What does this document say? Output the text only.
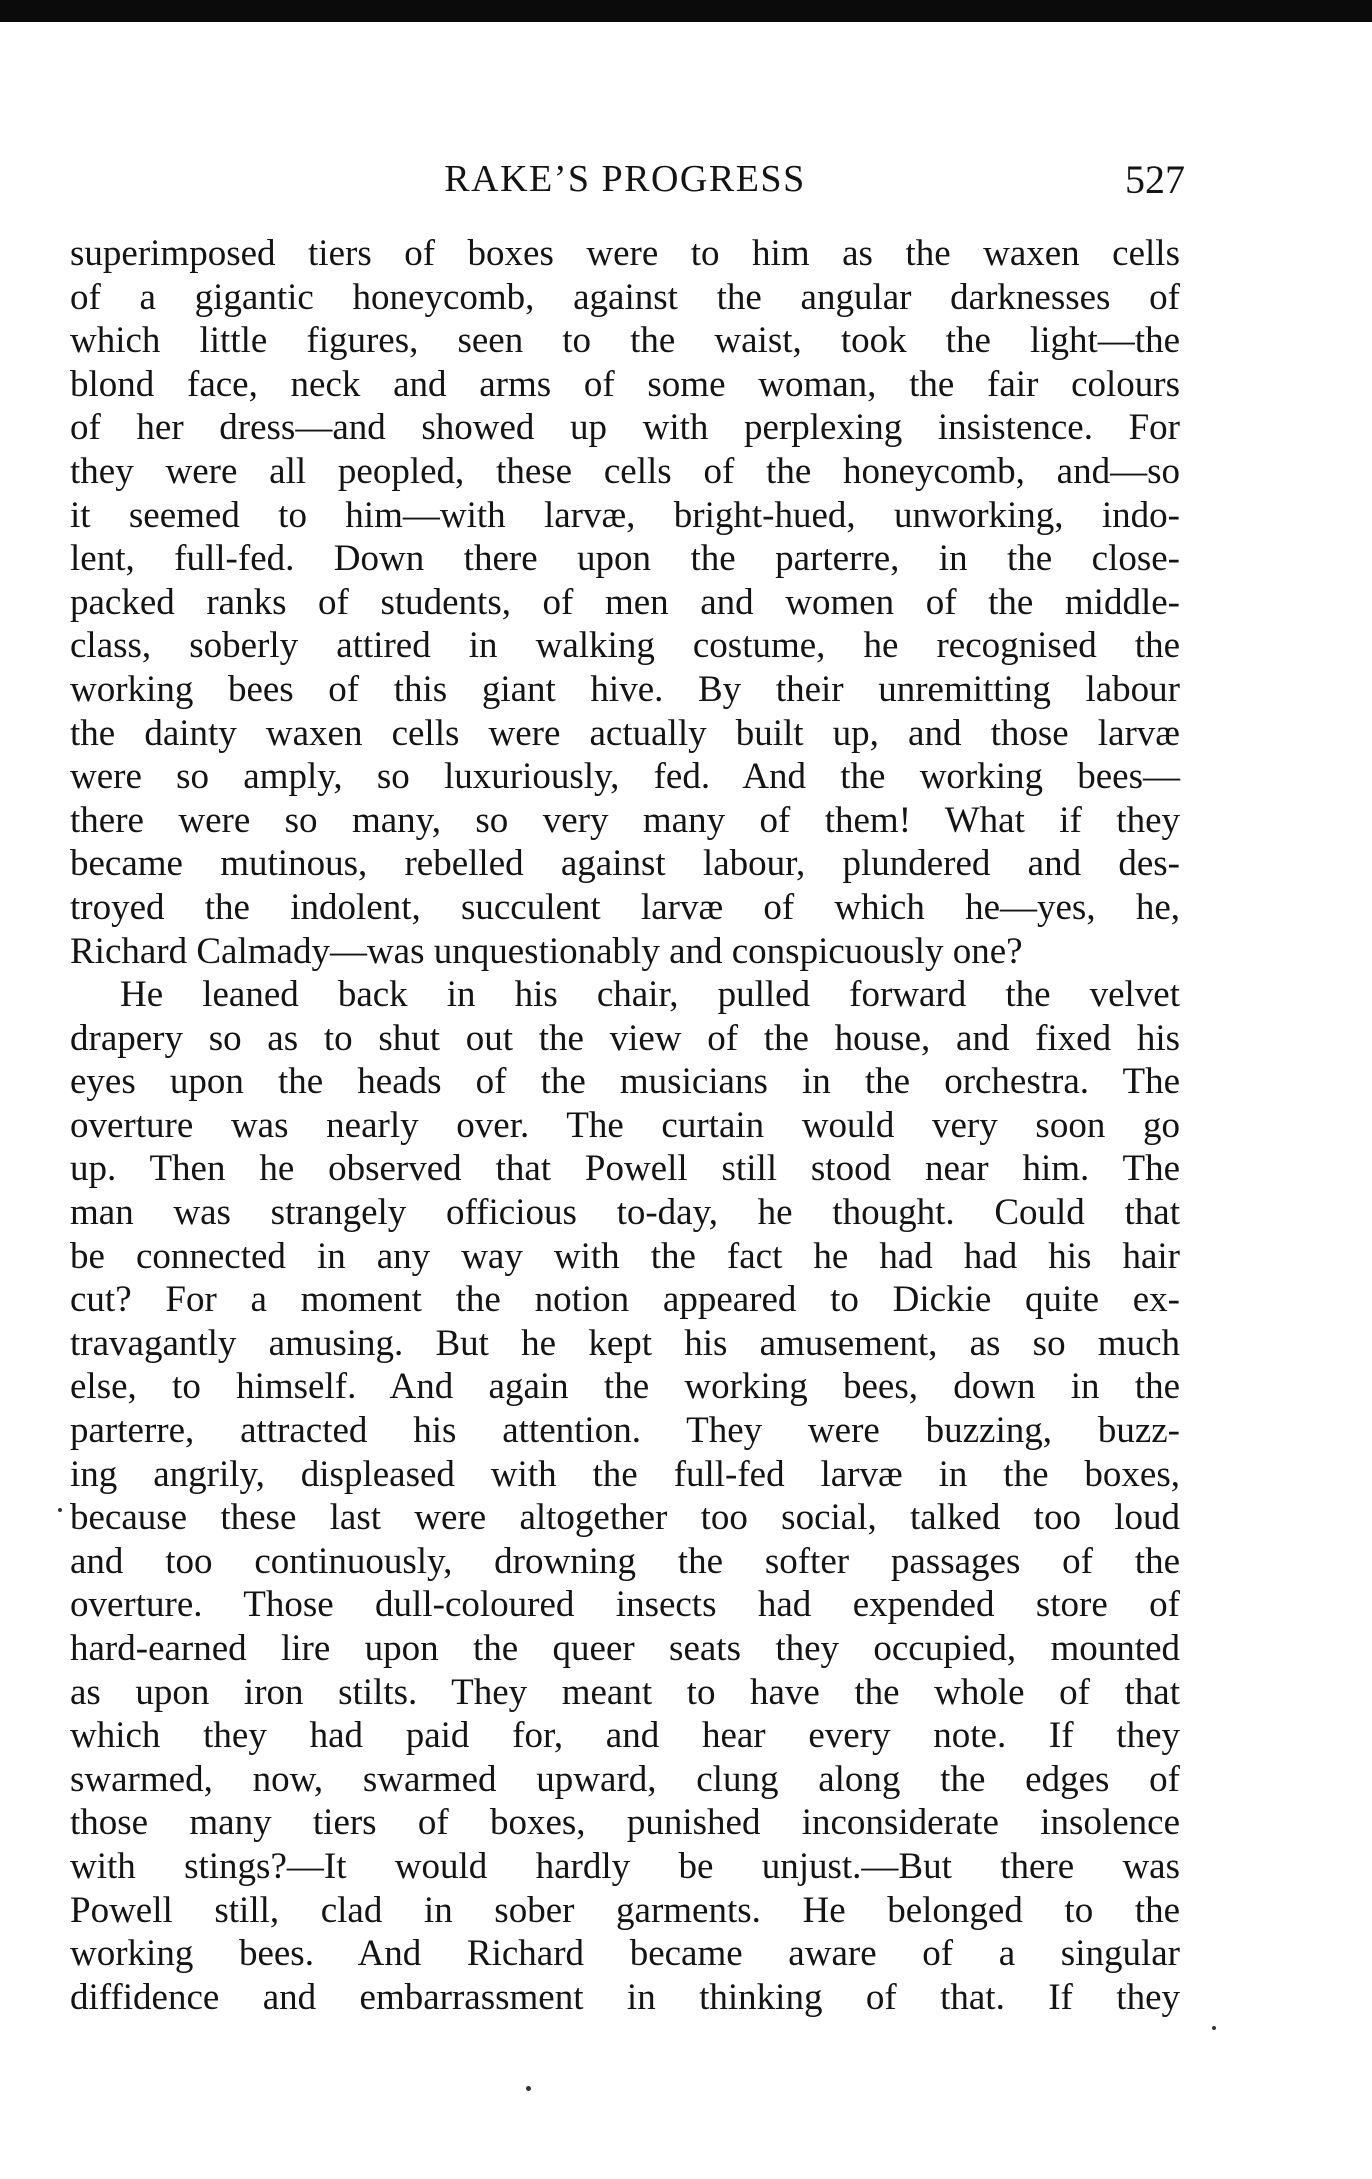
RAKE’S PROGRESS	527
superimposed tiers of boxes were to him as the waxen cells
of a gigantic honeycomb, against the angular darknesses of
which little figures, seen to the waist, took the light—the
blond face, neck and arms of some woman, the fair colours
of her dress—and showed up with perplexing insistence. For
they were all peopled, these cells of the honeycomb, and—so
it seemed to him—with larvæ, bright-hued, unworking, indo-
lent, full-fed. Down there upon the parterre, in the close-
packed ranks of students, of men and women of the middle-
class, soberly attired in walking costume, he recognised the
working bees of this giant hive. By their unremitting labour
the dainty waxen cells were actually built up, and those larvæ
were so amply, so luxuriously, fed. And the working bees—
there were so many, so very many of them! What if they
became mutinous, rebelled against labour, plundered and des-
troyed the indolent, succulent larvæ of which he—yes, he,
Richard Calmady—was unquestionably and conspicuously one?
He leaned back in his chair, pulled forward the velvet
drapery so as to shut out the view of the house, and fixed his
eyes upon the heads of the musicians in the orchestra. The
overture was nearly over. The curtain would very soon go
up. Then he observed that Powell still stood near him. The
man was strangely officious to-day, he thought. Could that
be connected in any way with the fact he had had his hair
cut? For a moment the notion appeared to Dickie quite ex-
travagantly amusing. But he kept his amusement, as so much
else, to himself. And again the working bees, down in the
parterre, attracted his attention. They were buzzing, buzz-
ing angrily, displeased with the full-fed larvæ in the boxes,
because these last were altogether too social, talked too loud
and too continuously, drowning the softer passages of the
overture. Those dull-coloured insects had expended store of
hard-earned lire upon the queer seats they occupied, mounted
as upon iron stilts. They meant to have the whole of that
which they had paid for, and hear every note. If they
swarmed, now, swarmed upward, clung along the edges of
those many tiers of boxes, punished inconsiderate insolence
with stings?—It would hardly be unjust.—But there was
Powell still, clad in sober garments. He belonged to the
working bees. And Richard became aware of a singular
diffidence and embarrassment in thinking of that. If they
